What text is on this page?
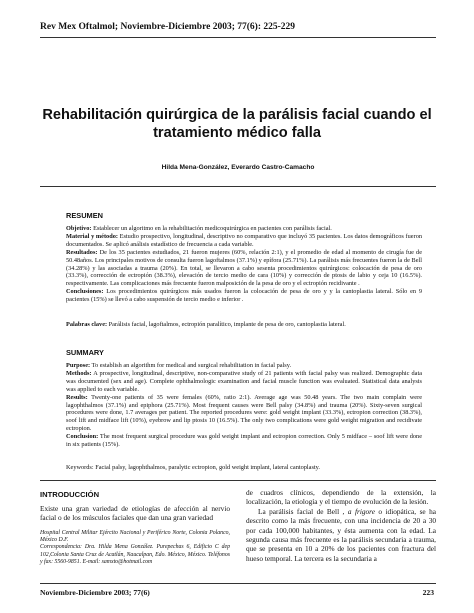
Rev Mex Oftalmol; Noviembre-Diciembre 2003; 77(6): 225-229
Rehabilitación quirúrgica de la parálisis facial cuando el
tratamiento médico falla
Hilda Mena-González, Everardo Castro-Camacho
RESUMEN

Objetivo: Establecer un algoritmo en la rehabilitación medicoquirúrgica en pacientes con parálisis facial.

Material y método: Estudio prospectivo, longitudinal, descriptivo no comparativo que incluyó 35 pacientes. Los datos demográficos fueron documentados. Se aplicó análisis estadístico de frecuencia a cada variable.

Resultados: De los 35 pacientes estudiados, 21 fueron mujeres (60%, relación 2:1), y el promedio de edad al momento de cirugía fue de 50.48años. Los principales motivos de consulta fueron lagoftalmos (37.1%) y epífora (25.71%). La parálisis más frecuentes fueron la de Bell (34.28%) y las asociadas a trauma (20%). En total, se llevaron a cabo sesenta procedimientos quirúrgicos: colocación de pesa de oro (33.3%), corrección de ectropión (38.3%), elevación de tercio medio de cara (10%) y corrección de ptosis de labio y ceja 10 (16.5%). respectivamente. Las complicaciones más frecuente fueron malposición de la pesa de oro y el ectropión recidivante .

Conclusiones: Los procedimientos quirúrgicos más usados fueron la colocación de pesa de oro y y la cantoplastia lateral. Sólo en 9 pacientes (15%) se llevó a cabo suspensión de tercio medio e inferior .

Palabras clave: Parálisis facial, lagoftalmos, ectropión paralítico, implante de pesa de oro, cantoplastia lateral.
SUMMARY

Purpose: To establish an algorithm for medical and surgical rehabilitation in facial palsy.

Methods: A prospective, longitudinal, descriptive, non-comparative study of 21 patients with facial palsy was realized. Demographic data was documented (sex and age). Complete ophthalmologic examination and facial muscle function was evaluated. Statistical data analysis was applied to each variable.

Results: Twenty-one patients of 35 were females (60%, ratio 2:1). Average age was 50.48 years. The two main complain were lagophthalmos (37.1%) and epiphora (25.71%). Most frequent causes were Bell palsy (34.8%) and trauma (20%). Sixty-seven surgical procedures were done, 1.7 averages per patient. The reported procedures were: gold weight implant (33.3%), ectropion correction (38.3%), soof lift and midface lift (10%), eyebrow and lip ptosis 10 (16.5%). The only two complications were gold weight migration and recidivate ectropion.

Conclusion: The most frequent surgical procedure was gold weight implant and ectropion correction. Only 5 midface – soof lift were done in six patients (15%).

Keywords: Facial palsy, lagophthalmos, paralytic ectropion, gold weight implant, lateral cantoplasty.
INTRODUCCIÓN

Existe una gran variedad de etiologías de afección al nervio facial o de los músculos faciales que dan una gran variedad

Hospital Central Militar Ejército Nacional y Periférico Norte, Colonia Polanco, México D.F.

Correspondencia: Dra. Hilda Mena González. Purepechas 6, Edificio C dep 102,Colonia Santa Cruz de Acatlán, Naucalpan, Edo. México, México. Teléfonos y fax: 5560-9851. E-mail: samxto@hotmail.com

de cuadros clínicos, dependiendo de la extensión, la localización, la etiología y el tiempo de evolución de la lesión.

La parálisis facial de Bell , a frigore o idiopática, se ha descrito como la más frecuente, con una incidencia de 20 a 30 por cada 100,000 habitantes, y ésta aumenta con la edad. La segunda causa más frecuente es la parálisis secundaria a trauma, que se presenta en 10 a 20% de los pacientes con fractura del hueso temporal. La tercera es la secundaria a

Noviembre-Diciembre 2003; 77(6)	223
